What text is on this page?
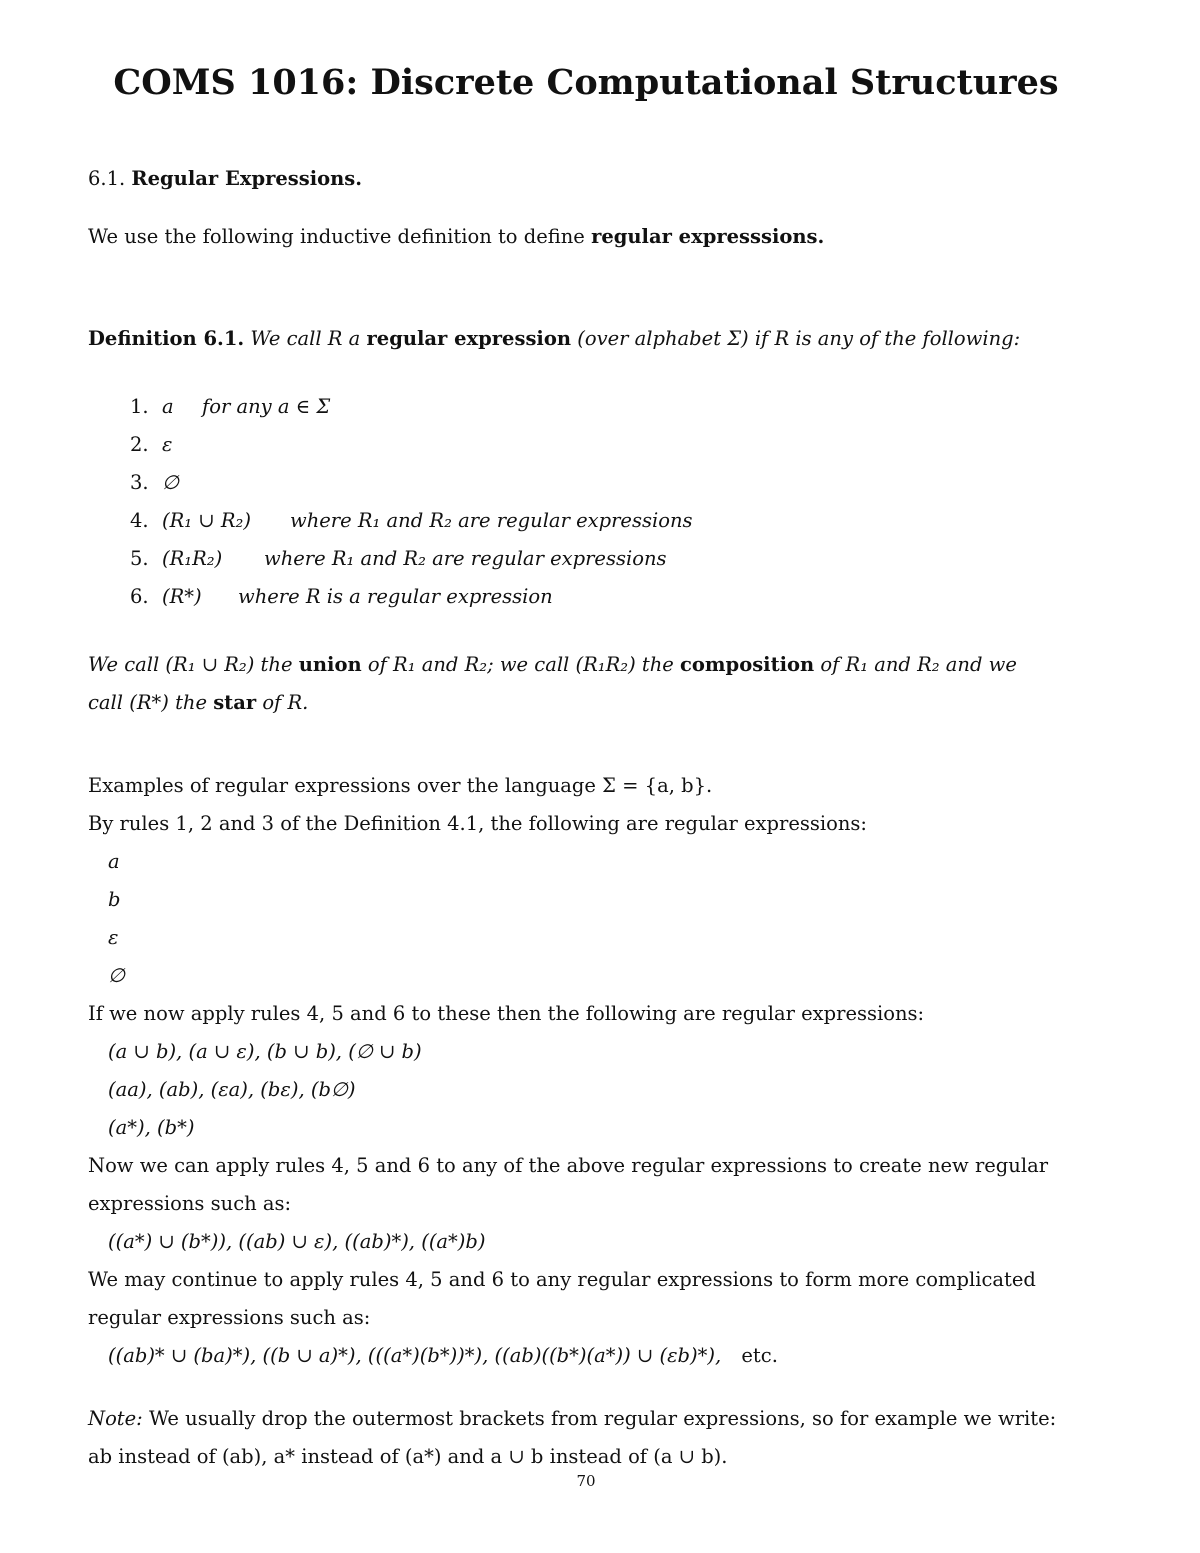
COMS 1016: Discrete Computational Structures
6.1. Regular Expressions.
We use the following inductive definition to define regular expresssions.
Definition 6.1. We call R a regular expression (over alphabet Σ) if R is any of the following:
1. a for any a ∈ Σ
2. ε
3. ∅
4. (R₁ ∪ R₂) where R₁ and R₂ are regular expressions
5. (R₁R₂) where R₁ and R₂ are regular expressions
6. (R*) where R is a regular expression
We call (R₁ ∪ R₂) the union of R₁ and R₂; we call (R₁R₂) the composition of R₁ and R₂ and we
call (R*) the star of R.
Examples of regular expressions over the language Σ = {a, b}.
By rules 1, 2 and 3 of the Definition 4.1, the following are regular expressions:
a
b
ε
∅
If we now apply rules 4, 5 and 6 to these then the following are regular expressions:
(a ∪ b), (a ∪ ε), (b ∪ b), (∅ ∪ b)
(aa), (ab), (εa), (bε), (b∅)
(a*), (b*)
Now we can apply rules 4, 5 and 6 to any of the above regular expressions to create new regular
expressions such as:
((a*) ∪ (b*)), ((ab) ∪ ε), ((ab)*), ((a*)b)
We may continue to apply rules 4, 5 and 6 to any regular expressions to form more complicated
regular expressions such as:
((ab)* ∪ (ba)*), ((b ∪ a)*), (((a*)(b*))*), ((ab)((b*)(a*)) ∪ (εb)*), etc.
Note: We usually drop the outermost brackets from regular expressions, so for example we write:
ab instead of (ab), a* instead of (a*) and a ∪ b instead of (a ∪ b).
70
